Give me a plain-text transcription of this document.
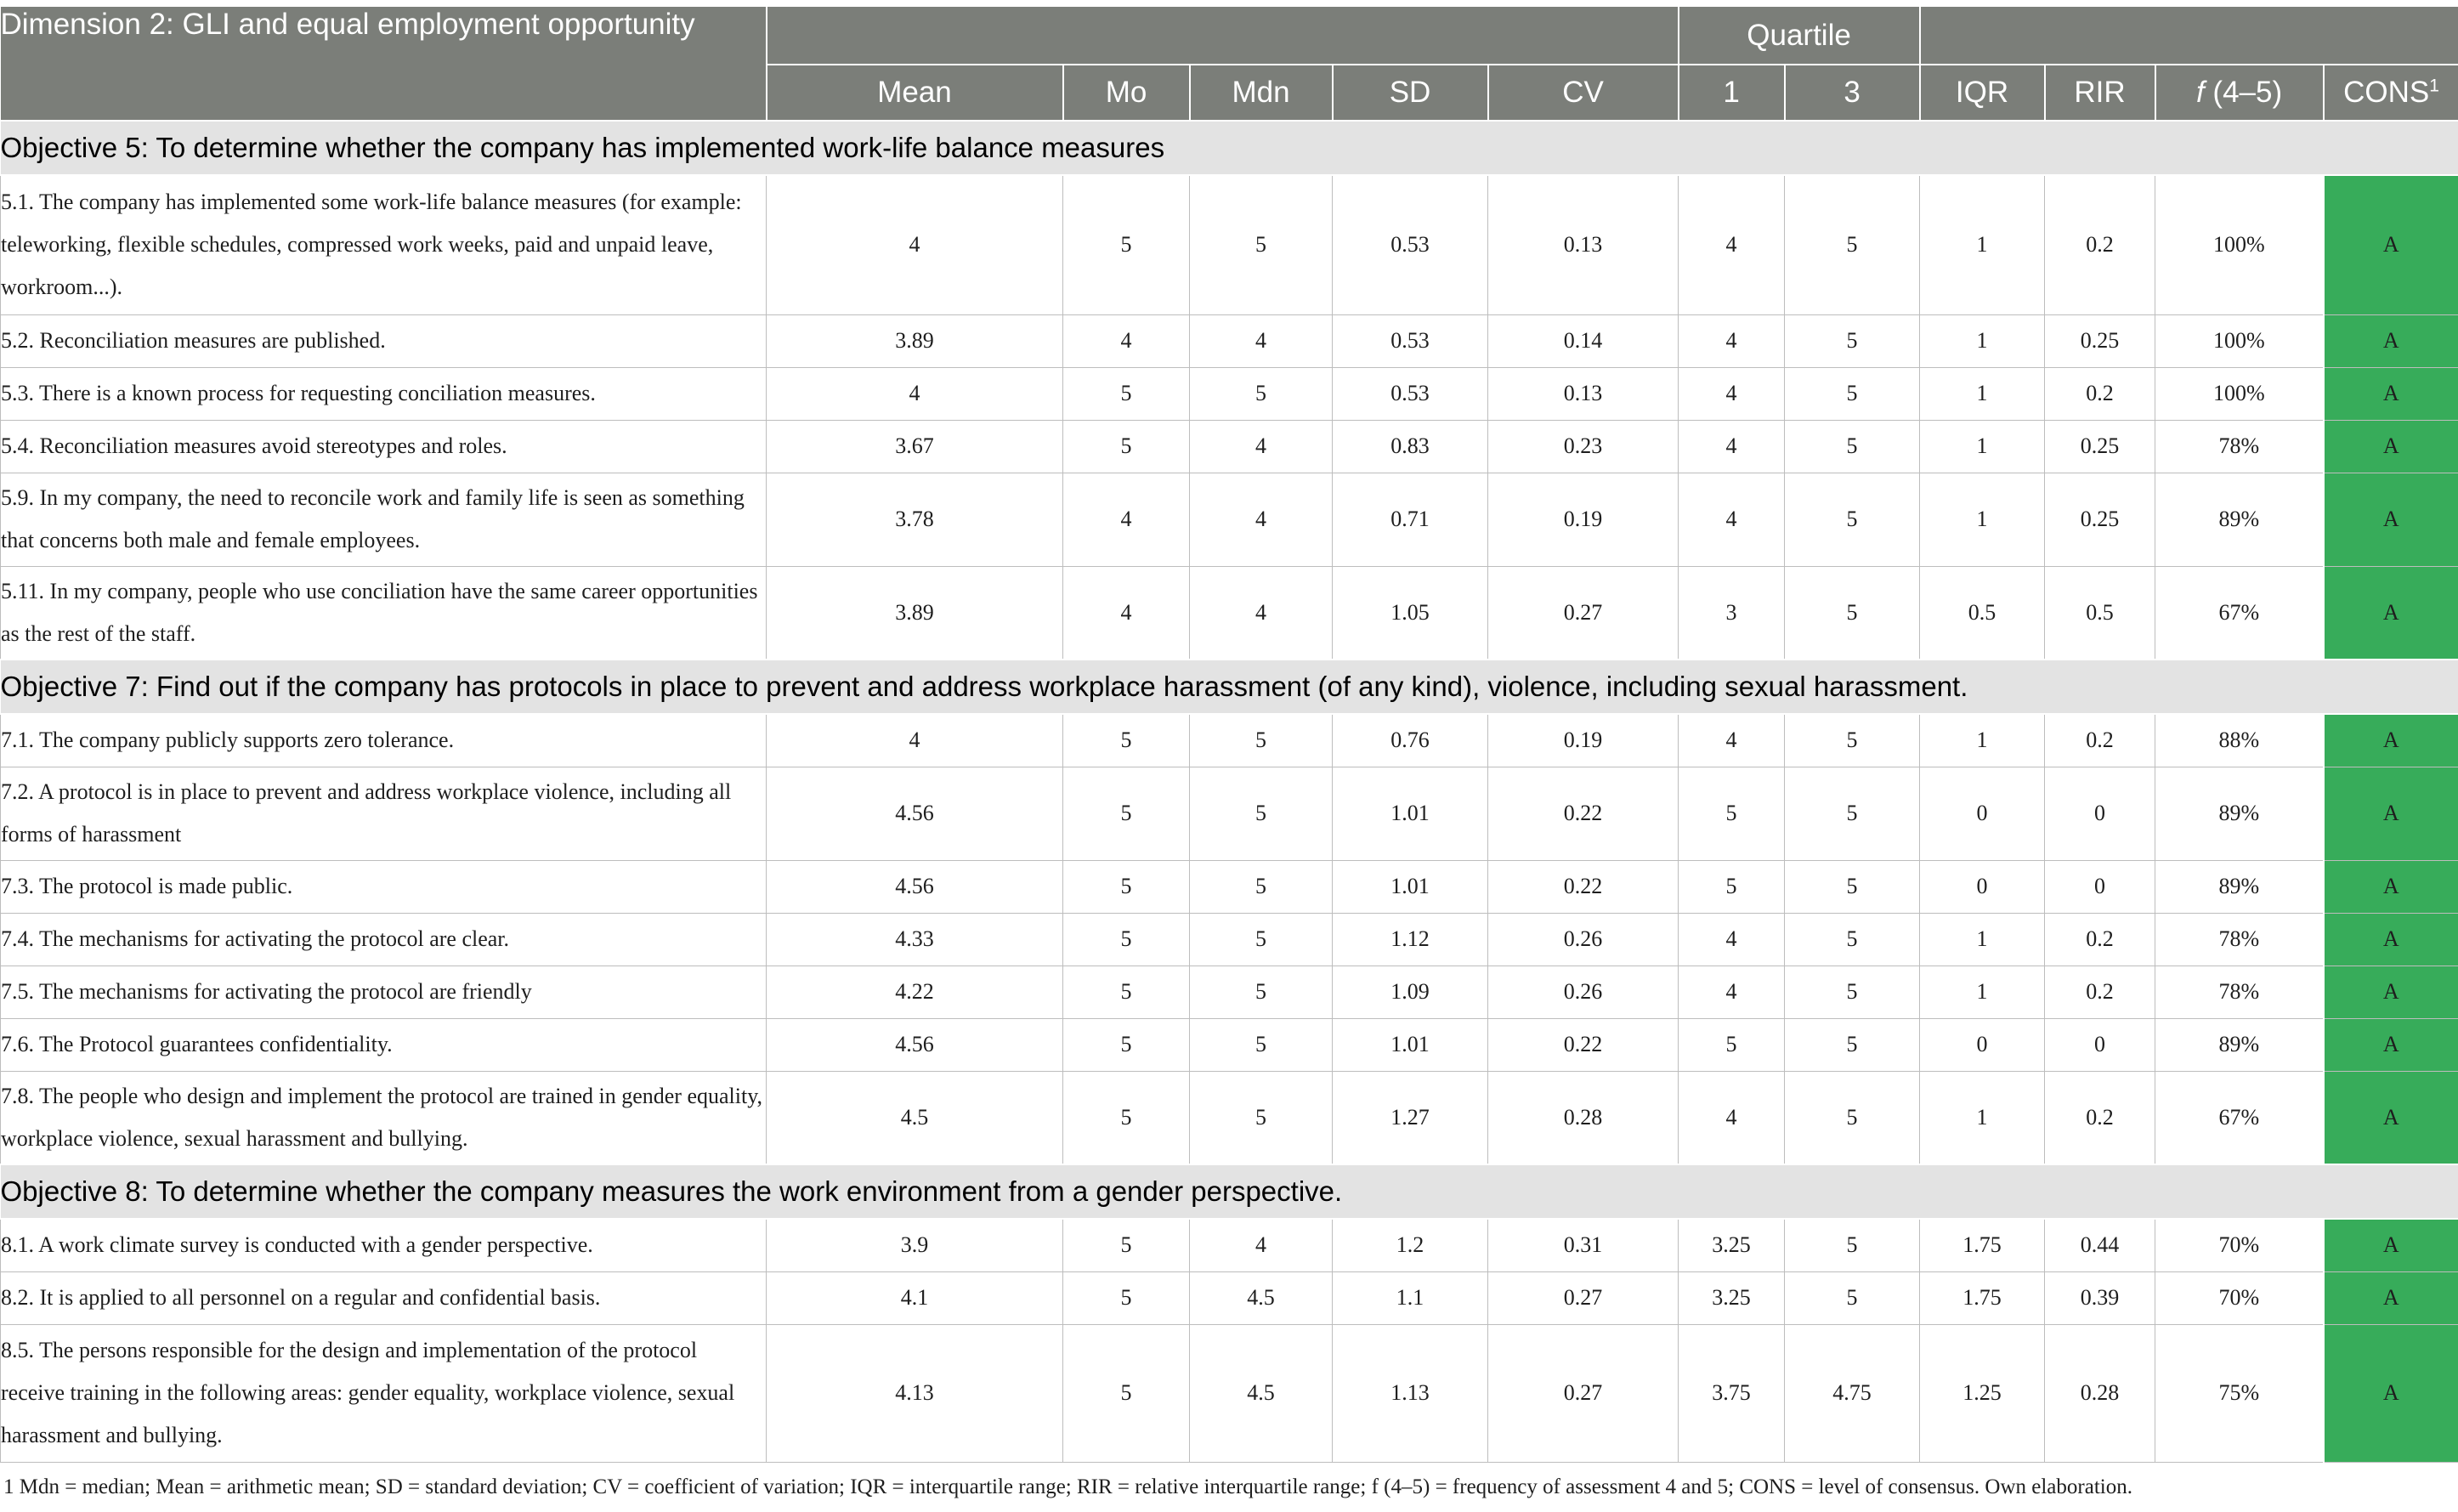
Dimension 2: GLI and equal employment opportunity						Quartile					
	Mean	Mo	Mdn	SD	CV	1	3	IQR	RIR	f (4–5)	CONS$^1$
Objective 5: To determine whether the company has implemented work-life balance measures											
5.1. The company has implemented some work-life balance measures (for example: teleworking, flexible schedules, compressed work weeks, paid and unpaid leave, workroom...).	4	5	5	0.53	0.13	4	5	1	0.2	100%	A
5.2. Reconciliation measures are published.	3.89	4	4	0.53	0.14	4	5	1	0.25	100%	A
5.3. There is a known process for requesting conciliation measures.	4	5	5	0.53	0.13	4	5	1	0.2	100%	A
5.4. Reconciliation measures avoid stereotypes and roles.	3.67	5	4	0.83	0.23	4	5	1	0.25	78%	A
5.9. In my company, the need to reconcile work and family life is seen as something that concerns both male and female employees.	3.78	4	4	0.71	0.19	4	5	1	0.25	89%	A
5.11. In my company, people who use conciliation have the same career opportunities as the rest of the staff.	3.89	4	4	1.05	0.27	3	5	0.5	0.5	67%	A
Objective 7: Find out if the company has protocols in place to prevent and address workplace harassment (of any kind), violence, including sexual harassment.											
7.1. The company publicly supports zero tolerance.	4	5	5	0.76	0.19	4	5	1	0.2	88%	A
7.2. A protocol is in place to prevent and address workplace violence, including all forms of harassment	4.56	5	5	1.01	0.22	5	5	0	0	89%	A
7.3. The protocol is made public.	4.56	5	5	1.01	0.22	5	5	0	0	89%	A
7.4. The mechanisms for activating the protocol are clear.	4.33	5	5	1.12	0.26	4	5	1	0.2	78%	A
7.5. The mechanisms for activating the protocol are friendly	4.22	5	5	1.09	0.26	4	5	1	0.2	78%	A
7.6. The Protocol guarantees confidentiality.	4.56	5	5	1.01	0.22	5	5	0	0	89%	A
7.8. The people who design and implement the protocol are trained in gender equality, workplace violence, sexual harassment and bullying.	4.5	5	5	1.27	0.28	4	5	1	0.2	67%	A
Objective 8: To determine whether the company measures the work environment from a gender perspective.											
8.1. A work climate survey is conducted with a gender perspective.	3.9	5	4	1.2	0.31	3.25	5	1.75	0.44	70%	A
8.2. It is applied to all personnel on a regular and confidential basis.	4.1	5	4.5	1.1	0.27	3.25	5	1.75	0.39	70%	A
8.5. The persons responsible for the design and implementation of the protocol receive training in the following areas: gender equality, workplace violence, sexual harassment and bullying.	4.13	5	4.5	1.13	0.27	3.75	4.75	1.25	0.28	75%	A
1 Mdn = median; Mean = arithmetic mean; SD = standard deviation; CV = coefficient of variation; IQR = interquartile range; RIR = relative interquartile range; f (4–5) = frequency of assessment 4 and 5; CONS = level of consensus. Own elaboration.
